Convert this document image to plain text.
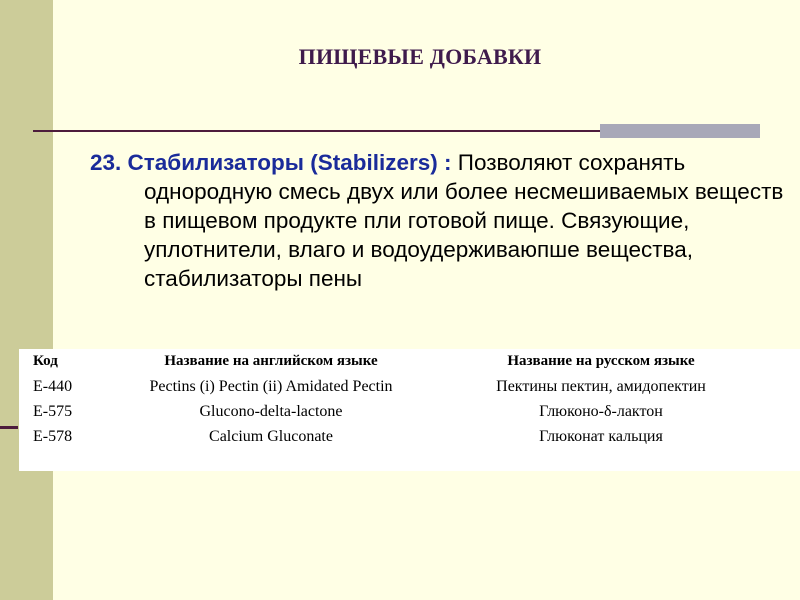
ПИЩЕВЫЕ ДОБАВКИ
23. Стабилизаторы (Stabilizers) : Позволяют сохранять однородную смесь двух или более несмешиваемых веществ в пищевом продукте пли готовой пище. Связующие, уплотнители, влаго и водоудерживаюпше вещества, стабилизаторы пены
Код	Название на английском языке	Название на русском языке
Е-440	Pectins (i) Pectin (ii) Amidated Pectin	Пектины пектин, амидопектин
Е-575	Glucono-delta-lactone	Глюконо-δ-лактон
Е-578	Calcium Gluconate	Глюконат кальция
